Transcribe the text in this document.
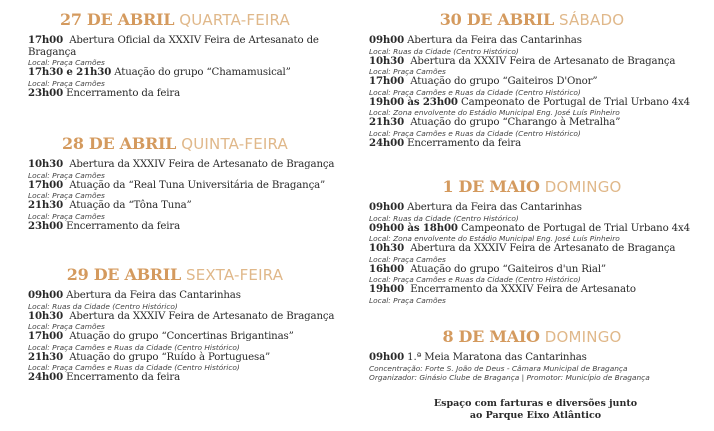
27 DE ABRIL QUARTA-FEIRA
17h00 Abertura Oficial da XXXIV Feira de Artesanato de Bragança
Local: Praça Camões
17h30 e 21h30 Atuação do grupo “Chamamusical”
Local: Praça Camões
23h00 Encerramento da feira
28 DE ABRIL QUINTA-FEIRA
10h30 Abertura da XXXIV Feira de Artesanato de Bragança
Local: Praça Camões
17h00 Atuação da “Real Tuna Universitária de Bragança”
Local: Praça Camões
21h30 Atuação da “Tôna Tuna”
Local: Praça Camões
23h00 Encerramento da feira
29 DE ABRIL SEXTA-FEIRA
09h00 Abertura da Feira das Cantarinhas
Local: Ruas da Cidade (Centro Histórico)
10h30 Abertura da XXXIV Feira de Artesanato de Bragança
Local: Praça Camões
17h00 Atuação do grupo “Concertinas Brigantinas”
Local: Praça Camões e Ruas da Cidade (Centro Histórico)
21h30 Atuação do grupo “Ruído à Portuguesa”
Local: Praça Camões e Ruas da Cidade (Centro Histórico)
24h00 Encerramento da feira
30 DE ABRIL SÁBADO
09h00 Abertura da Feira das Cantarinhas
Local: Ruas da Cidade (Centro Histórico)
10h30 Abertura da XXXIV Feira de Artesanato de Bragança
Local: Praça Camões
17h00 Atuação do grupo “Gaiteiros D'Onor”
Local: Praça Camões e Ruas da Cidade (Centro Histórico)
19h00 às 23h00 Campeonato de Portugal de Trial Urbano 4x4
Local: Zona envolvente do Estádio Municipal Eng. José Luís Pinheiro
21h30 Atuação do grupo “Charango à Metralha”
Local: Praça Camões e Ruas da Cidade (Centro Histórico)
24h00 Encerramento da feira
1 DE MAIO DOMINGO
09h00 Abertura da Feira das Cantarinhas
Local: Ruas da Cidade (Centro Histórico)
09h00 às 18h00 Campeonato de Portugal de Trial Urbano 4x4
Local: Zona envolvente do Estádio Municipal Eng. José Luís Pinheiro
10h30 Abertura da XXXIV Feira de Artesanato de Bragança
Local: Praça Camões
16h00 Atuação do grupo “Gaiteiros d'un Rial”
Local: Praça Camões e Ruas da Cidade (Centro Histórico)
19h00 Encerramento da XXXIV Feira de Artesanato
Local: Praça Camões
8 DE MAIO DOMINGO
09h00 1.ª Meia Maratona das Cantarinhas
Concentração: Forte S. João de Deus - Câmara Municipal de Bragança
Organizador: Ginásio Clube de Bragança | Promotor: Município de Bragança
Espaço com farturas e diversões junto
ao Parque Eixo Atlântico
